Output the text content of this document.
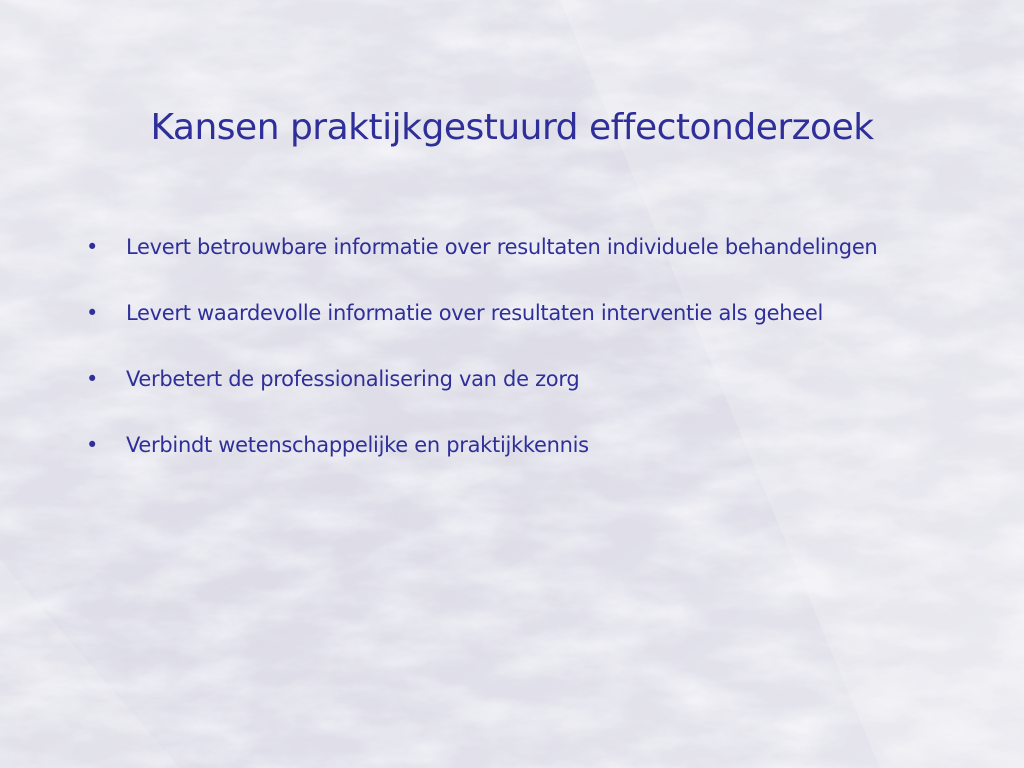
Kansen praktijkgestuurd effectonderzoek
• Levert betrouwbare informatie over resultaten individuele behandelingen
• Levert waardevolle informatie over resultaten interventie als geheel
• Verbetert de professionalisering van de zorg
• Verbindt wetenschappelijke en praktijkkennis
